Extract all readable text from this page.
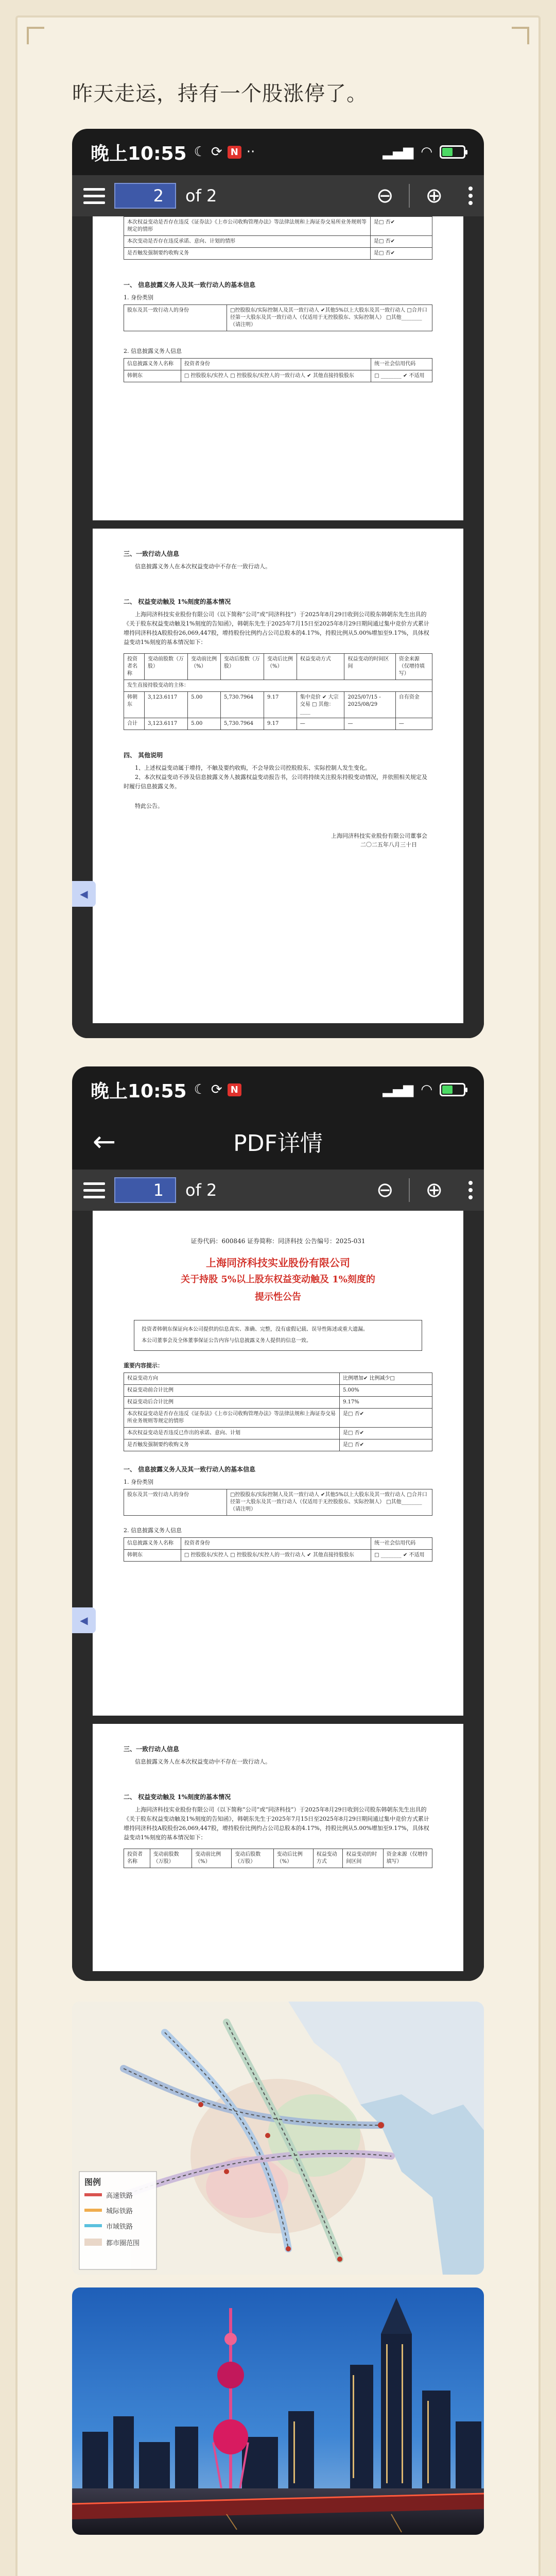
昨天走运，持有一个股涨停了。
晚上10:55 ☾ ⟳ N ··	▂▄▆ ◠
2
of 2	⊖ ⊕
本次权益变动是否存在违反《证券法》《上市公司收购管理办法》等法律法规和上海证券交易所业务规则等规定的情形	是□ 否✔
本次变动是否存在违反承诺、意向、计划的情形	是□ 否✔
是否触发强制要约收购义务	是□ 否✔
一、 信息披露义务人及其一致行动人的基本信息
1. 身份类别
股东及其一致行动人的身份	□控股股东/实际控制人及其一致行动人 ✔其他5%以上大股东及其一致行动人 □合并口径第一大股东及其一致行动人（仅适用于无控股股东、实际控制人） □其他________（请注明）
2. 信息披露义务人信息
信息披露义务人名称	投资者身份	统一社会信用代码
韩朝东	□ 控股股东/实控人 □ 控股股东/实控人的一致行动人 ✔ 其他直接持股股东	□ ________ ✔ 不适用
三、一致行动人信息
信息披露义务人在本次权益变动中不存在一致行动人。
二、 权益变动触及 1%刻度的基本情况
上海同济科技实业股份有限公司（以下简称“公司”或“同济科技”）于2025年8月29日收到公司股东韩朝东先生出具的《关于股东权益变动触及1%刻度的告知函》，韩朝东先生于2025年7月15日至2025年8月29日期间通过集中竞价方式累计增持同济科技A股股份26,069,447股，增持股份比例约占公司总股本的4.17%，持股比例从5.00%增加至9.17%，具体权益变动1%刻度的基本情况如下：
投资者名称	变动前股数（万股）	变动前比例（%）	变动后股数（万股）	变动后比例（%）	权益变动方式	权益变动的时间区间	资金来源（仅增持填写）
发生直接持股变动的主体：							
韩朝东	3,123.6117	5.00	5,730.7964	9.17	集中竞价 ✔ 大宗交易 □ 其他：____	2025/07/15 - 2025/08/29	自有资金
合计	3,123.6117	5.00	5,730.7964	9.17	—	—	—
四、 其他说明
1、上述权益变动属于增持，不触及要约收购，不会导致公司控股股东、实际控制人发生变化。
2、本次权益变动不涉及信息披露义务人披露权益变动报告书，公司将持续关注股东持股变动情况，并依照相关规定及时履行信息披露义务。
特此公告。
上海同济科技实业股份有限公司董事会
二〇二五年八月三十日
◀
晚上10:55 ☾ ⟳ N	▂▄▆ ◠
←	PDF详情
1
of 2	⊖ ⊕
证券代码：600846 证券简称：同济科技 公告编号：2025-031
上海同济科技实业股份有限公司
关于持股 5%以上股东权益变动触及 1%刻度的
提示性公告
投资者韩朝东保证向本公司提供的信息真实、准确、完整，没有虚假记载、误导性陈述或重大遗漏。
本公司董事会及全体董事保证公告内容与信息披露义务人提供的信息一致。
重要内容提示：
权益变动方向	比例增加✔ 比例减少□
权益变动前合计比例	5.00%
权益变动后合计比例	9.17%
本次权益变动是否存在违反《证券法》《上市公司收购管理办法》等法律法规和上海证券交易所业务规则等规定的情形	是□ 否✔
本次权益变动是否违反已作出的承诺、意向、计划	是□ 否✔
是否触发强制要约收购义务	是□ 否✔
一、 信息披露义务人及其一致行动人的基本信息
1. 身份类别
股东及其一致行动人的身份	□控股股东/实际控制人及其一致行动人 ✔其他5%以上大股东及其一致行动人 □合并口径第一大股东及其一致行动人（仅适用于无控股股东、实际控制人） □其他________（请注明）
2. 信息披露义务人信息
信息披露义务人名称	投资者身份	统一社会信用代码
韩朝东	□ 控股股东/实控人 □ 控股股东/实控人的一致行动人 ✔ 其他直接持股股东	□ ________ ✔ 不适用
三、一致行动人信息
信息披露义务人在本次权益变动中不存在一致行动人。
二、 权益变动触及 1%刻度的基本情况
上海同济科技实业股份有限公司（以下简称“公司”或“同济科技”）于2025年8月29日收到公司股东韩朝东先生出具的《关于股东权益变动触及1%刻度的告知函》，韩朝东先生于2025年7月15日至2025年8月29日期间通过集中竞价方式累计增持同济科技A股股份26,069,447股，增持股份比例约占公司总股本的4.17%，持股比例从5.00%增加至9.17%，具体权益变动1%刻度的基本情况如下：
投资者名称	变动前股数（万股）	变动前比例（%）	变动后股数（万股）	变动后比例（%）	权益变动方式	权益变动的时间区间	资金来源（仅增持填写）
◀
图例
高速铁路
城际铁路
市域铁路
都市圈范围
